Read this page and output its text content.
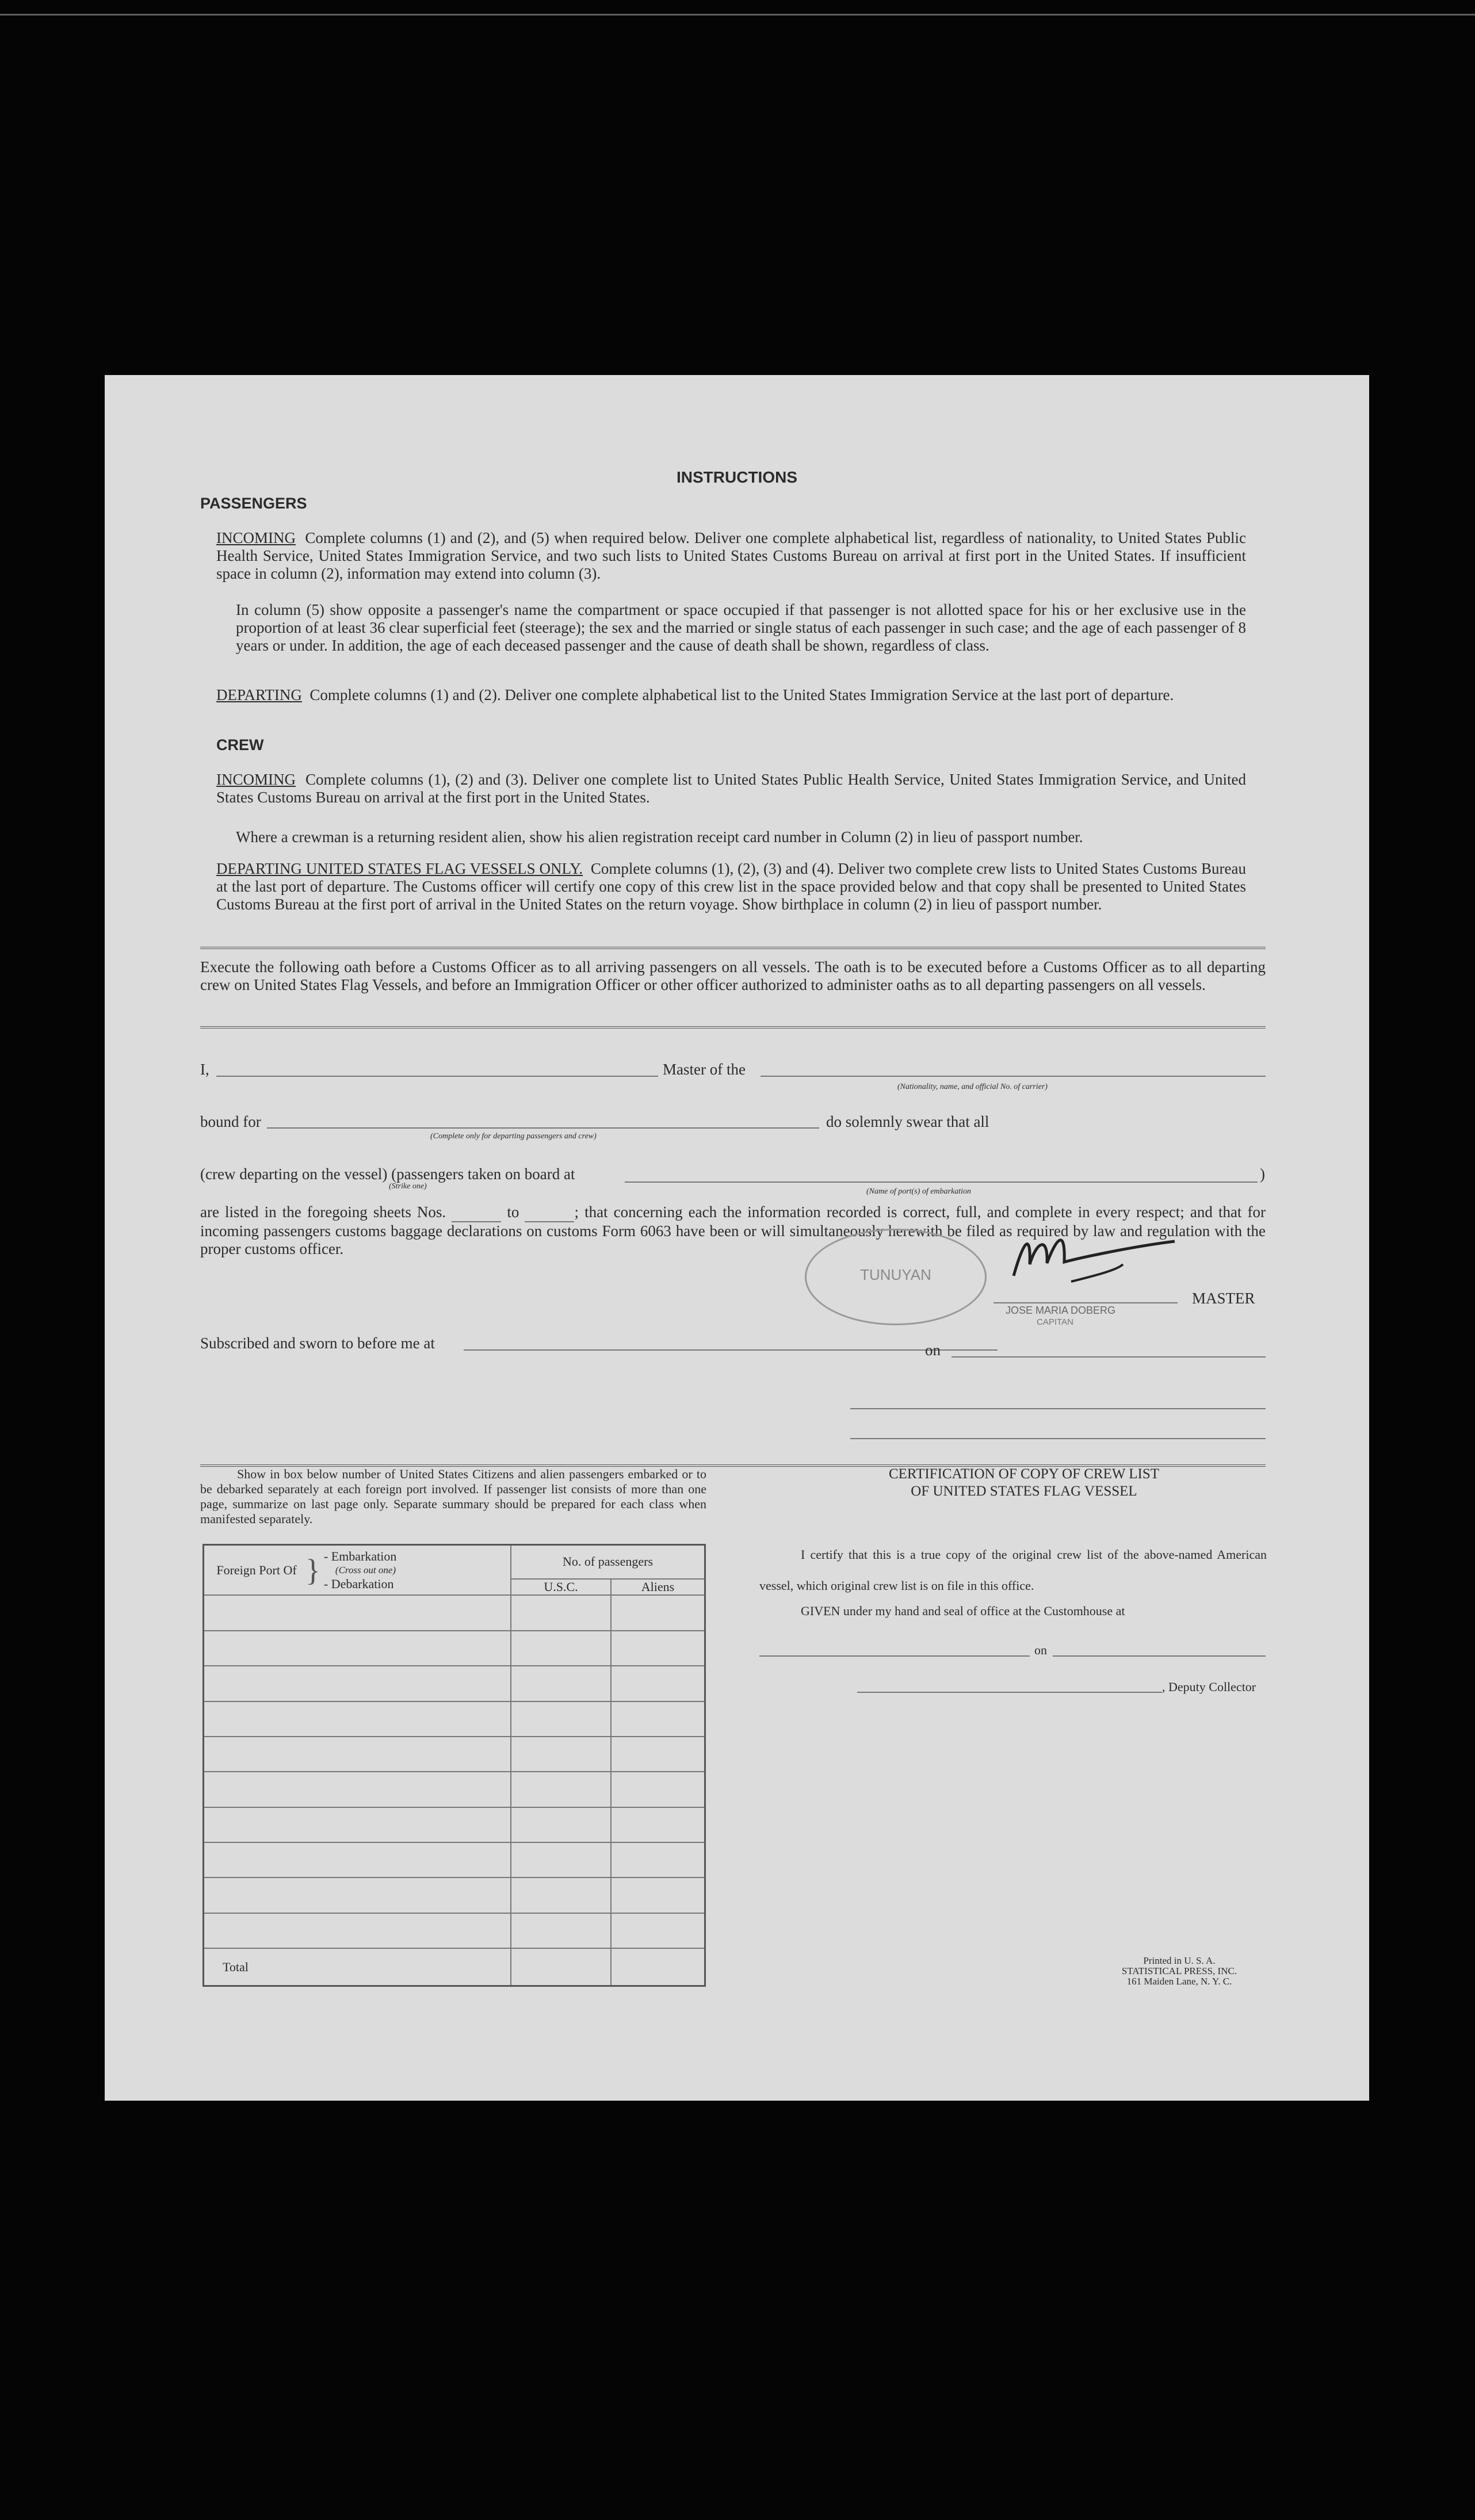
INSTRUCTIONS
PASSENGERS
INCOMING Complete columns (1) and (2), and (5) when required below. Deliver one complete alphabetical list, regardless of nationality, to United States Public Health Service, United States Immigration Service, and two such lists to United States Customs Bureau on arrival at first port in the United States. If insufficient space in column (2), information may extend into column (3).
In column (5) show opposite a passenger's name the compartment or space occupied if that passenger is not allotted space for his or her exclusive use in the proportion of at least 36 clear superficial feet (steerage); the sex and the married or single status of each passenger in such case; and the age of each passenger of 8 years or under. In addition, the age of each deceased passenger and the cause of death shall be shown, regardless of class.
DEPARTING Complete columns (1) and (2). Deliver one complete alphabetical list to the United States Immigration Service at the last port of departure.
CREW
INCOMING Complete columns (1), (2) and (3). Deliver one complete list to United States Public Health Service, United States Immigration Service, and United States Customs Bureau on arrival at the first port in the United States.
Where a crewman is a returning resident alien, show his alien registration receipt card number in Column (2) in lieu of passport number.
DEPARTING UNITED STATES FLAG VESSELS ONLY. Complete columns (1), (2), (3) and (4). Deliver two complete crew lists to United States Customs Bureau at the last port of departure. The Customs officer will certify one copy of this crew list in the space provided below and that copy shall be presented to United States Customs Bureau at the first port of arrival in the United States on the return voyage. Show birthplace in column (2) in lieu of passport number.
Execute the following oath before a Customs Officer as to all arriving passengers on all vessels. The oath is to be executed before a Customs Officer as to all departing crew on United States Flag Vessels, and before an Immigration Officer or other officer authorized to administer oaths as to all departing passengers on all vessels.
I,	Master of the
(Nationality, name, and official No. of carrier)
bound for
(Complete only for departing passengers and crew)
do solemnly swear that all
(crew departing on the vessel) (passengers taken on board at
(Strike one)
(Name of port(s) of embarkation
)
are listed in the foregoing sheets Nos.	to	; that concerning each the information recorded is correct, full, and complete in every respect; and that for incoming passengers customs baggage declarations on customs Form 6063 have been or will simultaneously herewith be filed as required by law and regulation with the proper customs officer.
TUNUYAN
JOSE MARIA DOBERG
CAPITAN
MASTER
Subscribed and sworn to before me at	on
Show in box below number of United States Citizens and alien passengers embarked or to be debarked separately at each foreign port involved. If passenger list consists of more than one page, summarize on last page only. Separate summary should be prepared for each class when manifested separately.
Foreign Port Of } - Embarkation
(Cross out one)
- Debarkation	No. of passengers	
	U.S.C.	Aliens

Total		
CERTIFICATION OF COPY OF CREW LIST
OF UNITED STATES FLAG VESSEL
I certify that this is a true copy of the original crew list of the above-named American vessel, which original crew list is on file in this office.
GIVEN under my hand and seal of office at the Customhouse at
on
, Deputy Collector
Printed in U. S. A.
STATISTICAL PRESS, INC.
161 Maiden Lane, N. Y. C.
